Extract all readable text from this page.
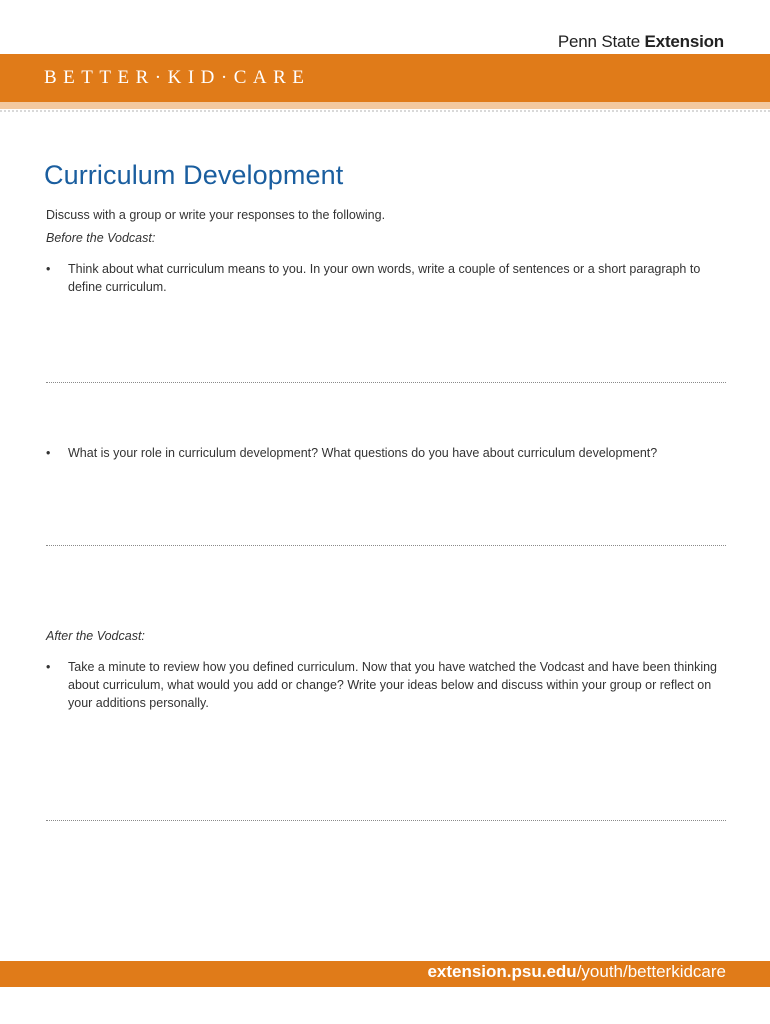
Penn State Extension
BETTER·KID·CARE
Curriculum Development
Discuss with a group or write your responses to the following.
Before the Vodcast:
• Think about what curriculum means to you. In your own words, write a couple of sentences or a short paragraph to define curriculum.
• What is your role in curriculum development? What questions do you have about curriculum development?
After the Vodcast:
• Take a minute to review how you defined curriculum. Now that you have watched the Vodcast and have been thinking about curriculum, what would you add or change? Write your ideas below and discuss within your group or reflect on your additions personally.
extension.psu.edu/youth/betterkidcare
